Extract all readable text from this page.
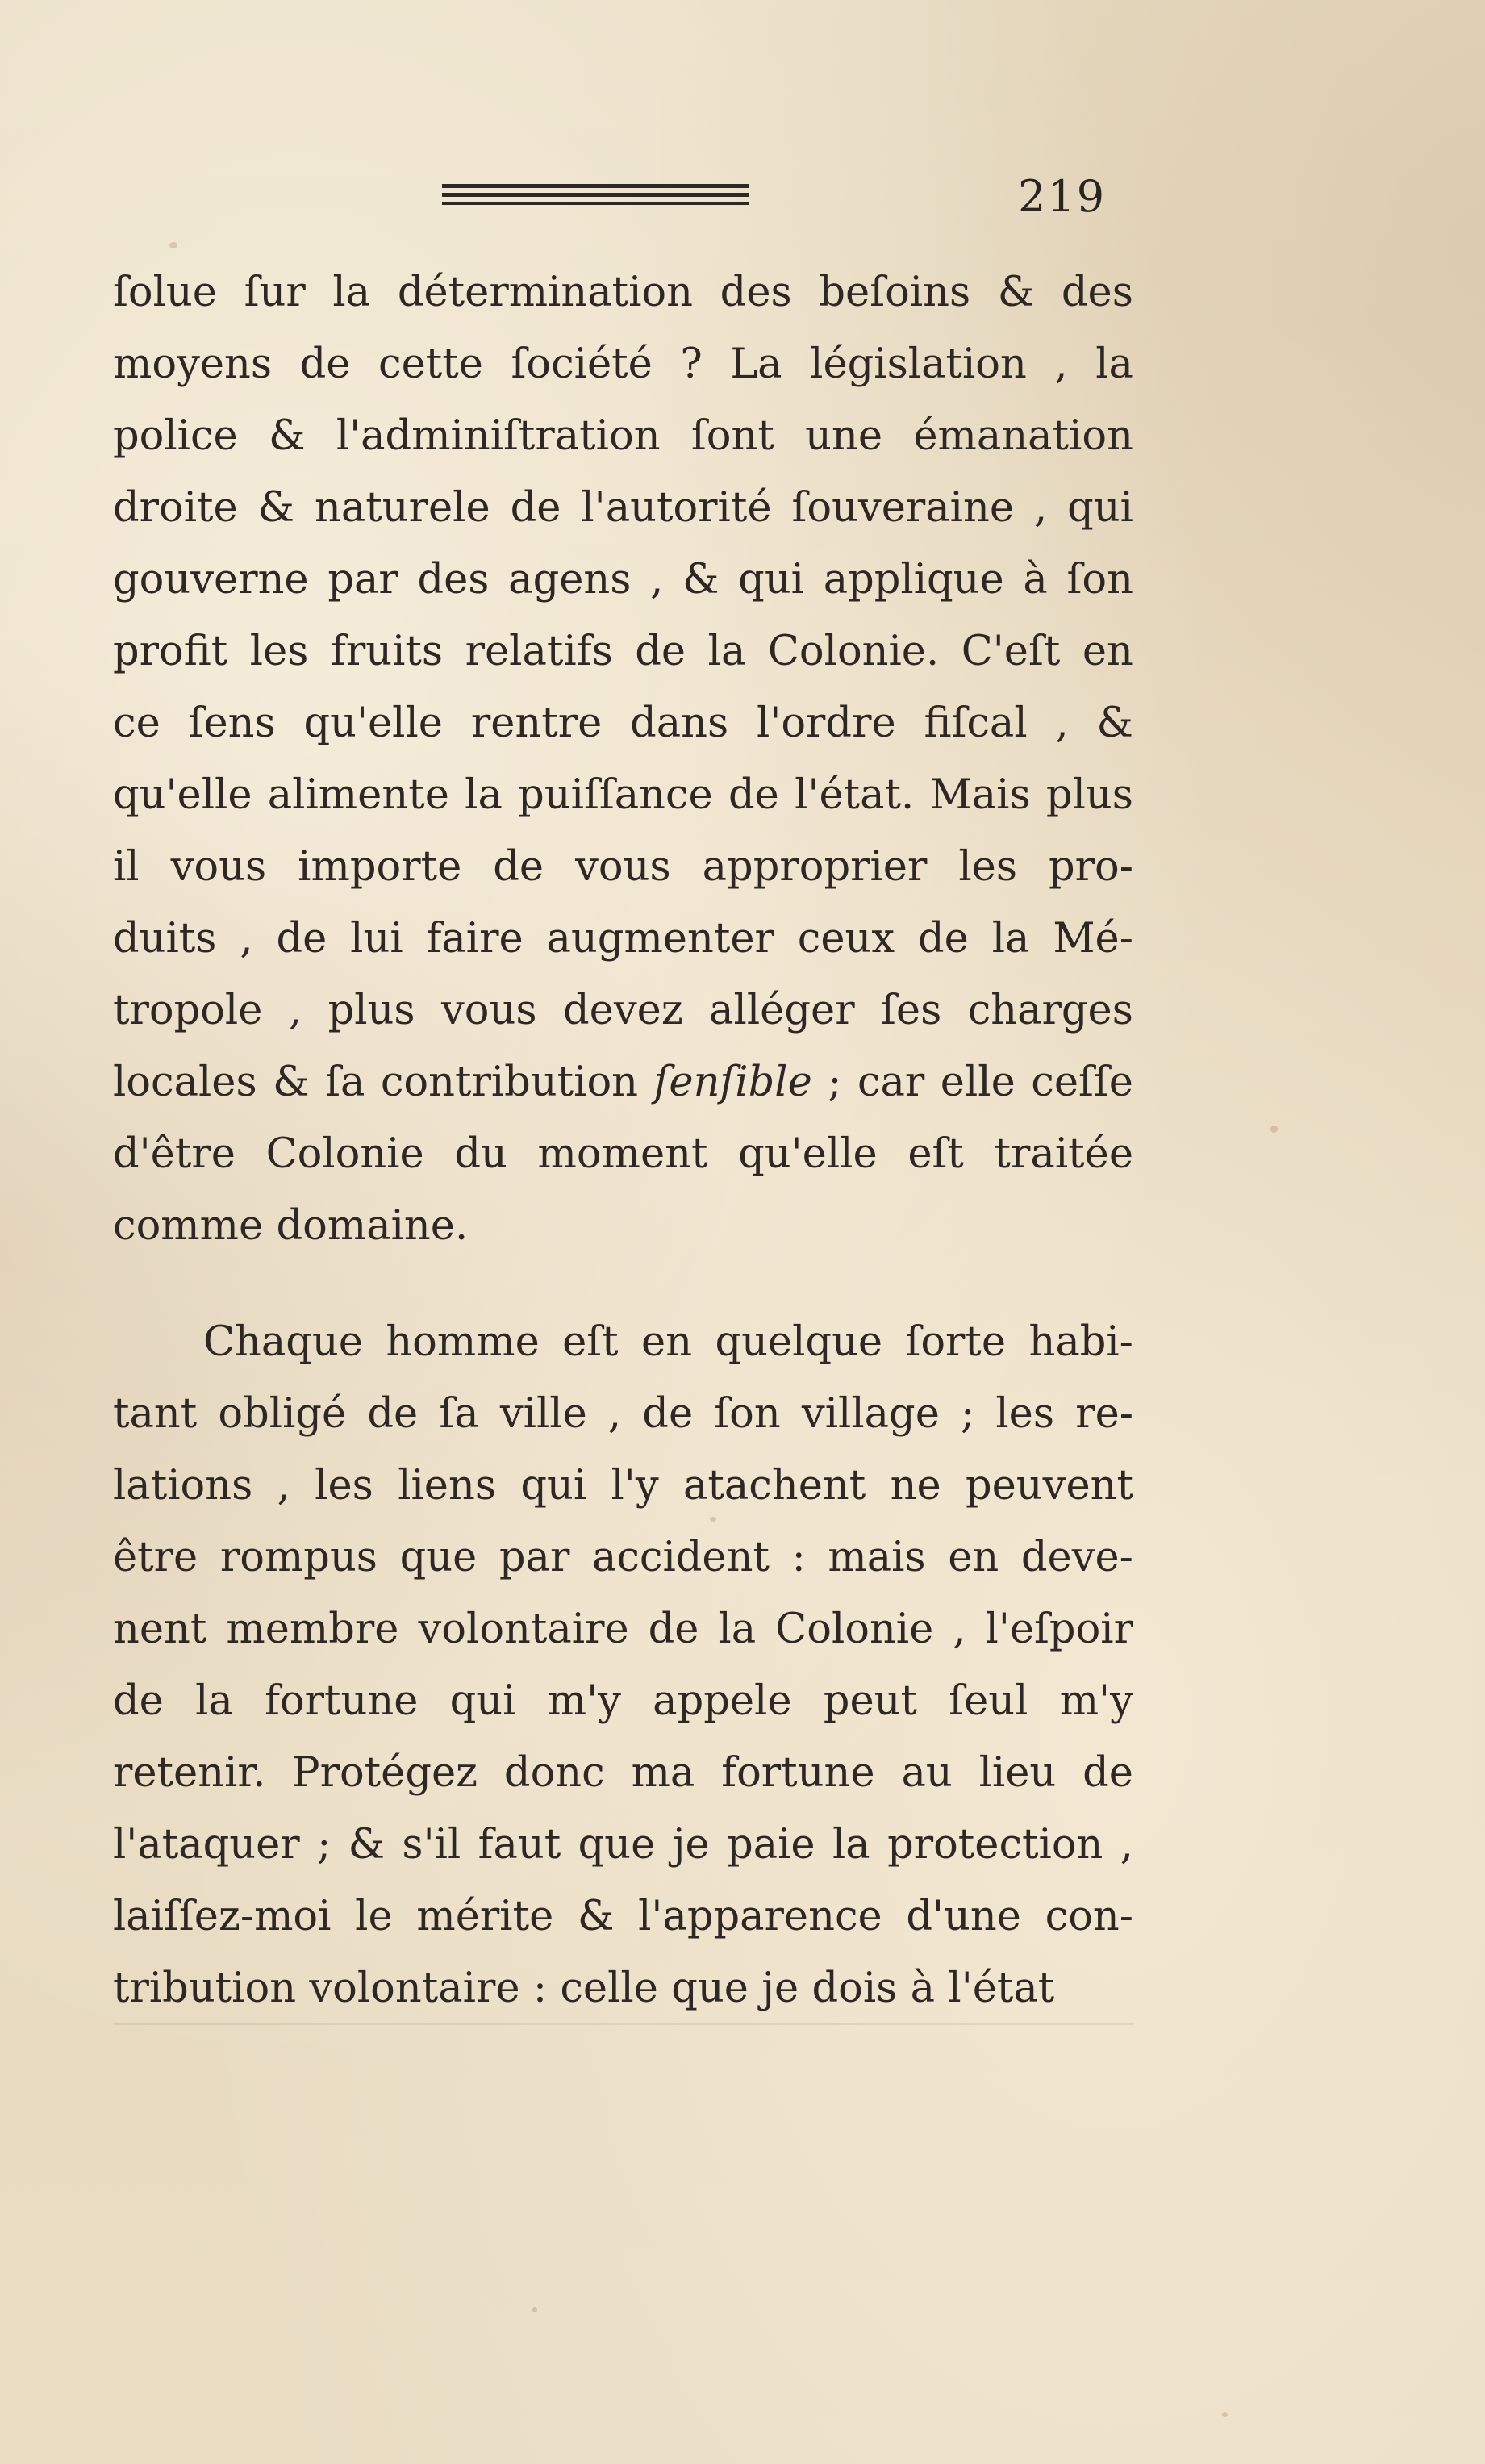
219
ſolue ſur la détermination des beſoins & des
moyens de cette ſociété ? La législation , la
police & l'adminiſtration ſont une émanation
droite & naturele de l'autorité ſouveraine , qui
gouverne par des agens , & qui applique à ſon
profit les fruits relatifs de la Colonie. C'eſt en
ce ſens qu'elle rentre dans l'ordre fiſcal , &
qu'elle alimente la puiſſance de l'état. Mais plus
il vous importe de vous approprier les pro-
duits , de lui faire augmenter ceux de la Mé-
tropole , plus vous devez alléger ſes charges
locales & ſa contribution ſenſible ; car elle ceſſe
d'être Colonie du moment qu'elle eſt traitée
comme domaine.
Chaque homme eſt en quelque ſorte habi-
tant obligé de ſa ville , de ſon village ; les re-
lations , les liens qui l'y atachent ne peuvent
être rompus que par accident : mais en deve-
nent membre volontaire de la Colonie , l'eſpoir
de la fortune qui m'y appele peut ſeul m'y
retenir. Protégez donc ma fortune au lieu de
l'ataquer ; & s'il faut que je paie la protection ,
laiſſez-moi le mérite & l'apparence d'une con-
tribution volontaire : celle que je dois à l'état
